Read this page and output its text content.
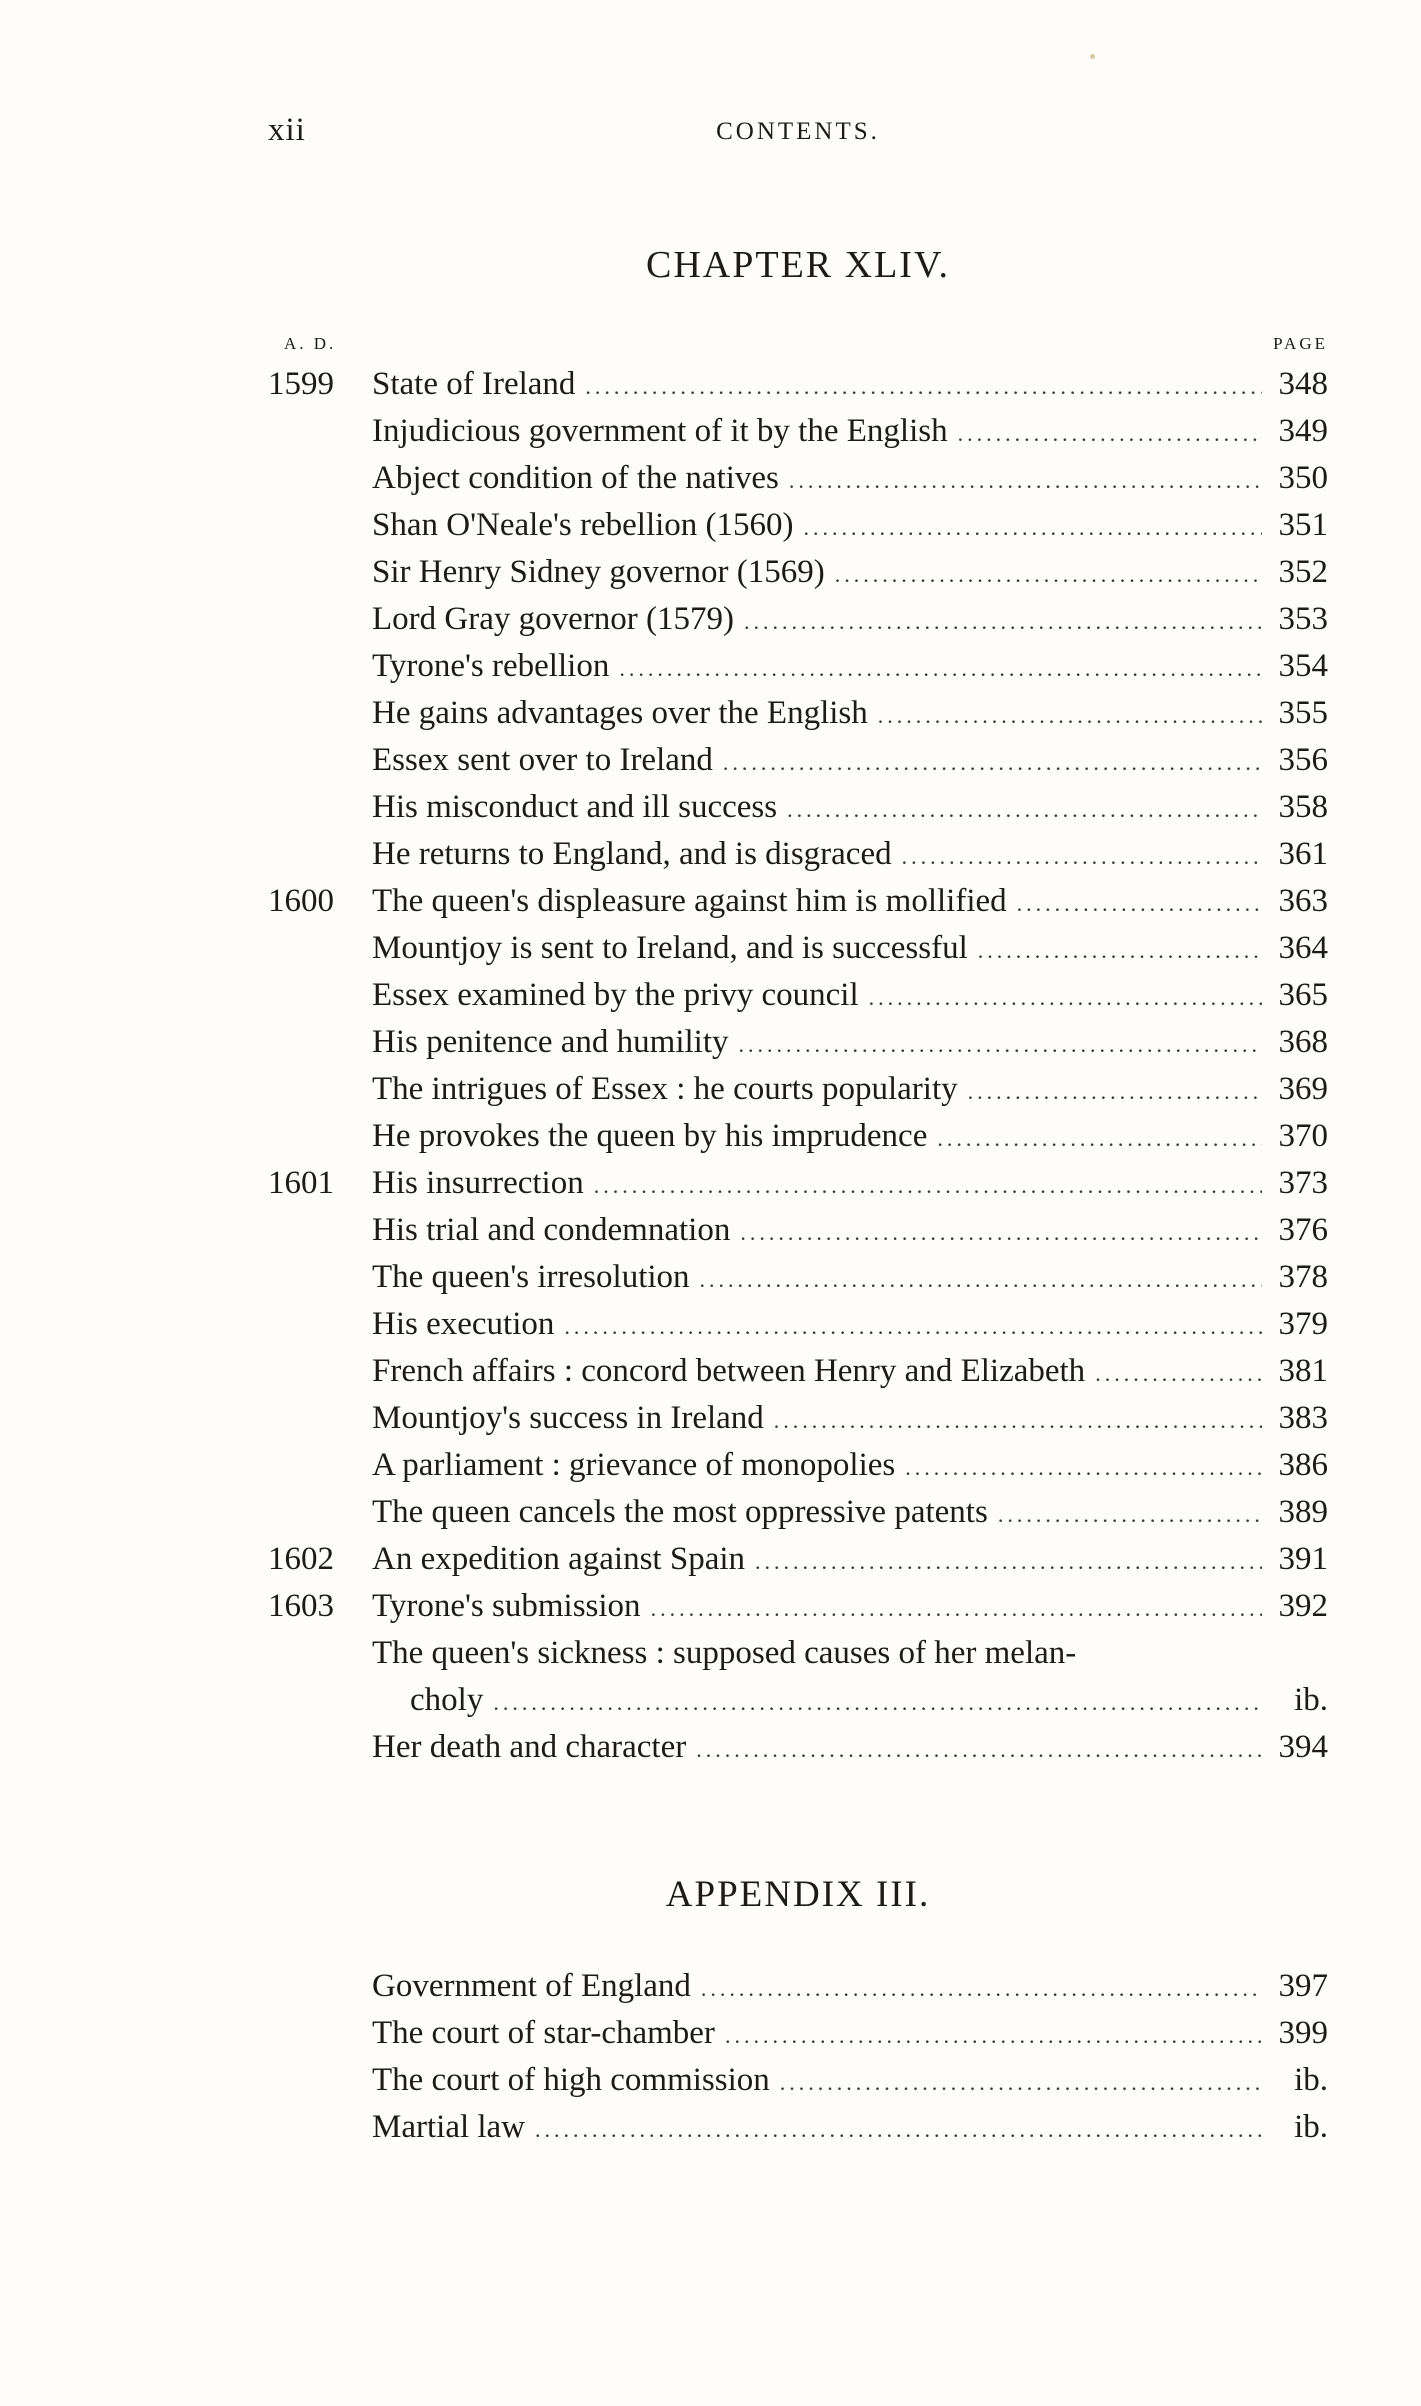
xii	CONTENTS.
CHAPTER XLIV.
A. D.	PAGE
1599	State of Ireland .....	348
Injudicious government of it by the English .....	349
Abject condition of the natives .....	350
Shan O'Neale's rebellion (1560) .....	351
Sir Henry Sidney governor (1569) .....	352
Lord Gray governor (1579) .....	353
Tyrone's rebellion .....	354
He gains advantages over the English .....	355
Essex sent over to Ireland .....	356
His misconduct and ill success .....	358
He returns to England, and is disgraced .....	361
1600	The queen's displeasure against him is mollified .....	363
Mountjoy is sent to Ireland, and is successful .....	364
Essex examined by the privy council .....	365
His penitence and humility .....	368
The intrigues of Essex : he courts popularity .....	369
He provokes the queen by his imprudence .....	370
1601	His insurrection .....	373
His trial and condemnation .....	376
The queen's irresolution .....	378
His execution .....	379
French affairs : concord between Henry and Elizabeth .....	381
Mountjoy's success in Ireland .....	383
A parliament : grievance of monopolies .....	386
The queen cancels the most oppressive patents .....	389
1602	An expedition against Spain .....	391
1603	Tyrone's submission .....	392
The queen's sickness : supposed causes of her melan-
choly .....	ib.
Her death and character .....	394
APPENDIX III.
Government of England .....	397
The court of star-chamber .....	399
The court of high commission .....	ib.
Martial law .....	ib.
